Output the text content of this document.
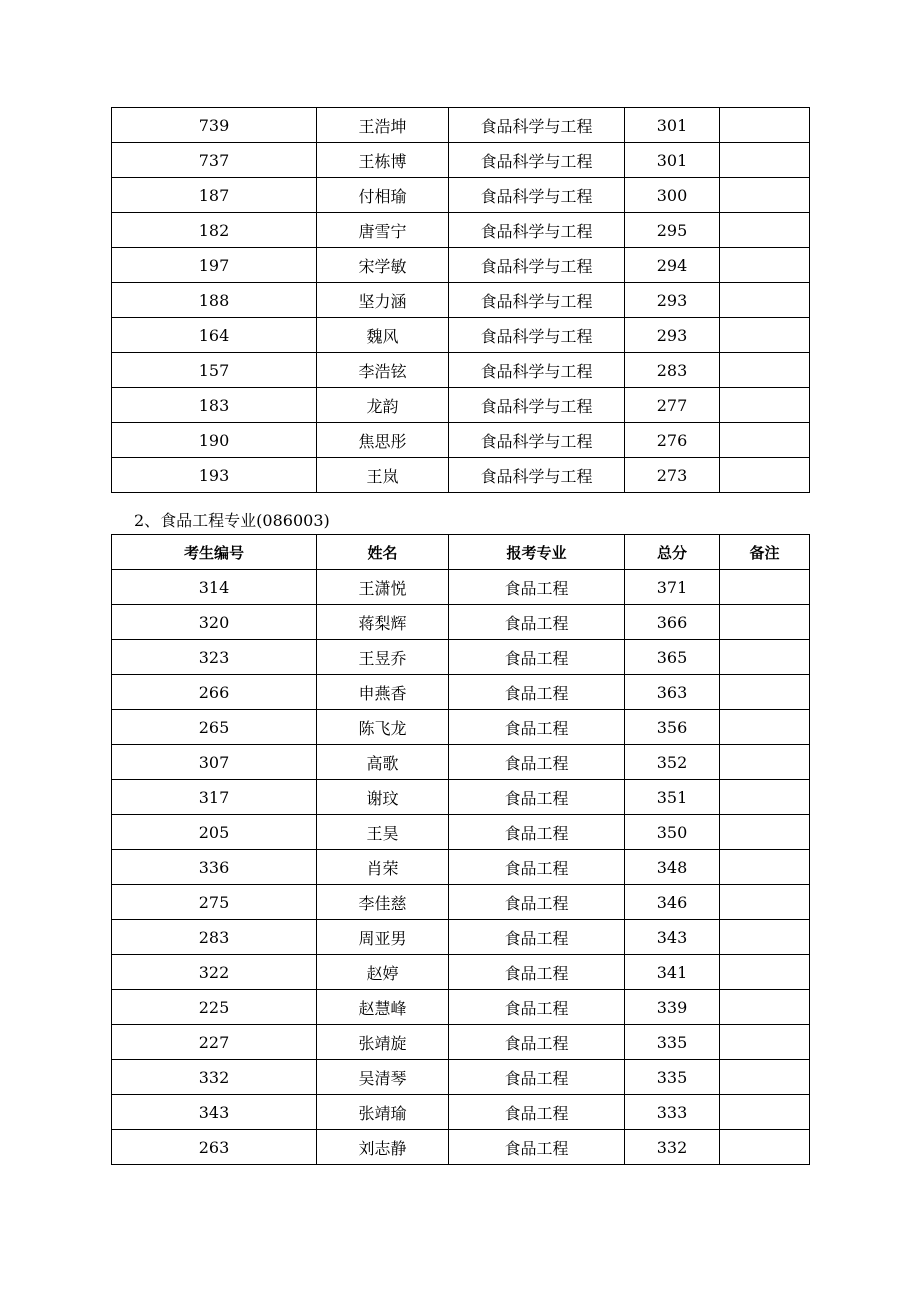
739	王浩坤	食品科学与工程	301	
737	王栋博	食品科学与工程	301	
187	付相瑜	食品科学与工程	300	
182	唐雪宁	食品科学与工程	295	
197	宋学敏	食品科学与工程	294	
188	坚力涵	食品科学与工程	293	
164	魏风	食品科学与工程	293	
157	李浩铉	食品科学与工程	283	
183	龙韵	食品科学与工程	277	
190	焦思彤	食品科学与工程	276	
193	王岚	食品科学与工程	273	
2、食品工程专业(086003)
考生编号	姓名	报考专业	总分	备注
314	王潇悦	食品工程	371	
320	蒋梨辉	食品工程	366	
323	王昱乔	食品工程	365	
266	申燕香	食品工程	363	
265	陈飞龙	食品工程	356	
307	高歌	食品工程	352	
317	谢玟	食品工程	351	
205	王昊	食品工程	350	
336	肖荣	食品工程	348	
275	李佳慈	食品工程	346	
283	周亚男	食品工程	343	
322	赵婷	食品工程	341	
225	赵慧峰	食品工程	339	
227	张靖旋	食品工程	335	
332	吴清琴	食品工程	335	
343	张靖瑜	食品工程	333	
263	刘志静	食品工程	332	
